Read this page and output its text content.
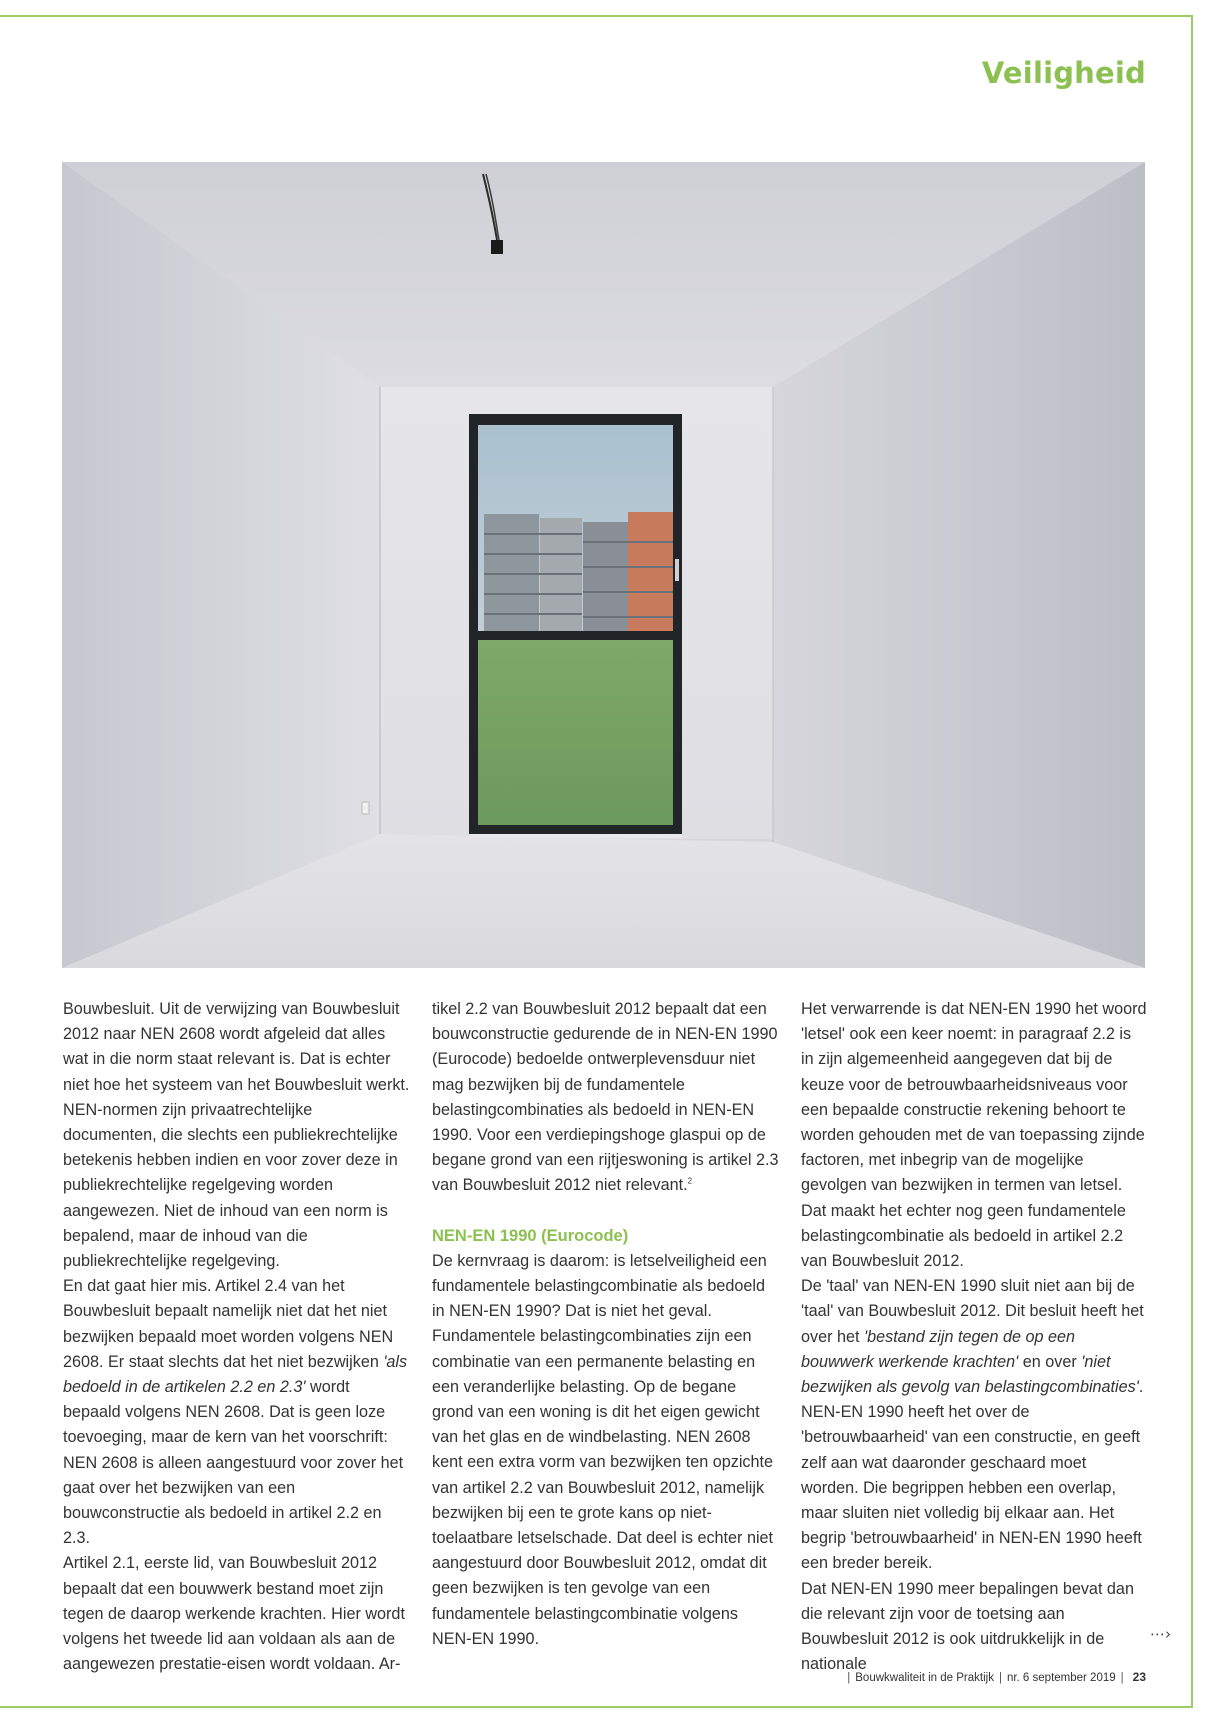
Veiligheid

Bouwbesluit. Uit de verwijzing van Bouwbesluit 2012 naar NEN 2608 wordt afgeleid dat alles wat in die norm staat relevant is. Dat is echter niet hoe het systeem van het Bouwbesluit werkt. NEN-normen zijn privaatrechtelijke documenten, die slechts een publiekrechtelijke betekenis hebben indien en voor zover deze in publiekrechtelijke regelgeving worden aangewezen. Niet de inhoud van een norm is bepalend, maar de inhoud van die publiekrechtelijke regelgeving.

En dat gaat hier mis. Artikel 2.4 van het Bouwbesluit bepaalt namelijk niet dat het niet bezwijken bepaald moet worden volgens NEN 2608. Er staat slechts dat het niet bezwijken 'als bedoeld in de artikelen 2.2 en 2.3' wordt bepaald volgens NEN 2608. Dat is geen loze toevoeging, maar de kern van het voorschrift: NEN 2608 is alleen aangestuurd voor zover het gaat over het bezwijken van een bouwconstructie als bedoeld in artikel 2.2 en 2.3.

Artikel 2.1, eerste lid, van Bouwbesluit 2012 bepaalt dat een bouwwerk bestand moet zijn tegen de daarop werkende krachten. Hier wordt volgens het tweede lid aan voldaan als aan de aangewezen prestatie-eisen wordt voldaan. Ar-

tikel 2.2 van Bouwbesluit 2012 bepaalt dat een bouwconstructie gedurende de in NEN-EN 1990 (Eurocode) bedoelde ontwerplevensduur niet mag bezwijken bij de fundamentele belastingcombinaties als bedoeld in NEN-EN 1990. Voor een verdiepingshoge glaspui op de begane grond van een rijtjeswoning is artikel 2.3 van Bouwbesluit 2012 niet relevant.$^2$

NEN-EN 1990 (Eurocode)

De kernvraag is daarom: is letselveiligheid een fundamentele belastingcombinatie als bedoeld in NEN-EN 1990? Dat is niet het geval. Fundamentele belastingcombinaties zijn een combinatie van een permanente belasting en een veranderlijke belasting. Op de begane grond van een woning is dit het eigen gewicht van het glas en de windbelasting. NEN 2608 kent een extra vorm van bezwijken ten opzichte van artikel 2.2 van Bouwbesluit 2012, namelijk bezwijken bij een te grote kans op niet-toelaatbare letselschade. Dat deel is echter niet aangestuurd door Bouwbesluit 2012, omdat dit geen bezwijken is ten gevolge van een fundamentele belastingcombinatie volgens NEN-EN 1990.

Het verwarrende is dat NEN-EN 1990 het woord 'letsel' ook een keer noemt: in paragraaf 2.2 is in zijn algemeenheid aangegeven dat bij de keuze voor de betrouwbaarheidsniveaus voor een bepaalde constructie rekening behoort te worden gehouden met de van toepassing zijnde factoren, met inbegrip van de mogelijke gevolgen van bezwijken in termen van letsel. Dat maakt het echter nog geen fundamentele belastingcombinatie als bedoeld in artikel 2.2 van Bouwbesluit 2012.

De 'taal' van NEN-EN 1990 sluit niet aan bij de 'taal' van Bouwbesluit 2012. Dit besluit heeft het over het 'bestand zijn tegen de op een bouwwerk werkende krachten' en over 'niet bezwijken als gevolg van belastingcombinaties'. NEN-EN 1990 heeft het over de 'betrouwbaarheid' van een constructie, en geeft zelf aan wat daaronder geschaard moet worden. Die begrippen hebben een overlap, maar sluiten niet volledig bij elkaar aan. Het begrip 'betrouwbaarheid' in NEN-EN 1990 heeft een breder bereik.

Dat NEN-EN 1990 meer bepalingen bevat dan die relevant zijn voor de toetsing aan Bouwbesluit 2012 is ook uitdrukkelijk in de nationale

⋯›
| Bouwkwaliteit in de Praktijk | nr. 6 september 2019 | 23
